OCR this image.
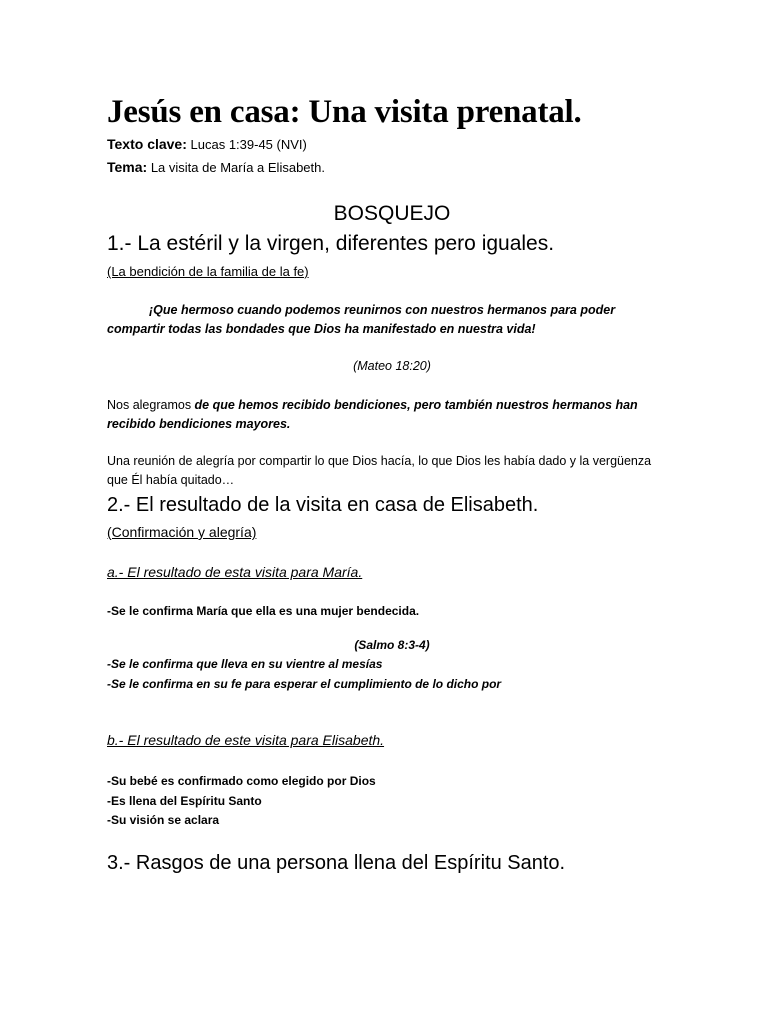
Jesús en casa: Una visita prenatal.
Texto clave: Lucas 1:39-45 (NVI)
Tema: La visita de María a Elisabeth.
BOSQUEJO
1.- La estéril y la virgen, diferentes pero iguales.
(La bendición de la familia de la fe)
¡Que hermoso cuando podemos reunirnos con nuestros hermanos para poder compartir todas las bondades que Dios ha manifestado en nuestra vida!
(Mateo 18:20)
Nos alegramos de que hemos recibido bendiciones, pero también nuestros hermanos han recibido bendiciones mayores.
Una reunión de alegría por compartir lo que Dios hacía, lo que Dios les había dado y la vergüenza que Él había quitado…
2.- El resultado de la visita en casa de Elisabeth.
(Confirmación y alegría)
a.- El resultado de esta visita para María.
-Se le confirma María que ella es una mujer bendecida.
(Salmo 8:3-4)
-Se le confirma que lleva en su vientre al mesías
-Se le confirma en su fe para esperar el cumplimiento de lo dicho por
b.- El resultado de este visita para Elisabeth.
-Su bebé es confirmado como elegido por Dios
-Es llena del Espíritu Santo
-Su visión se aclara
3.- Rasgos de una persona llena del Espíritu Santo.
